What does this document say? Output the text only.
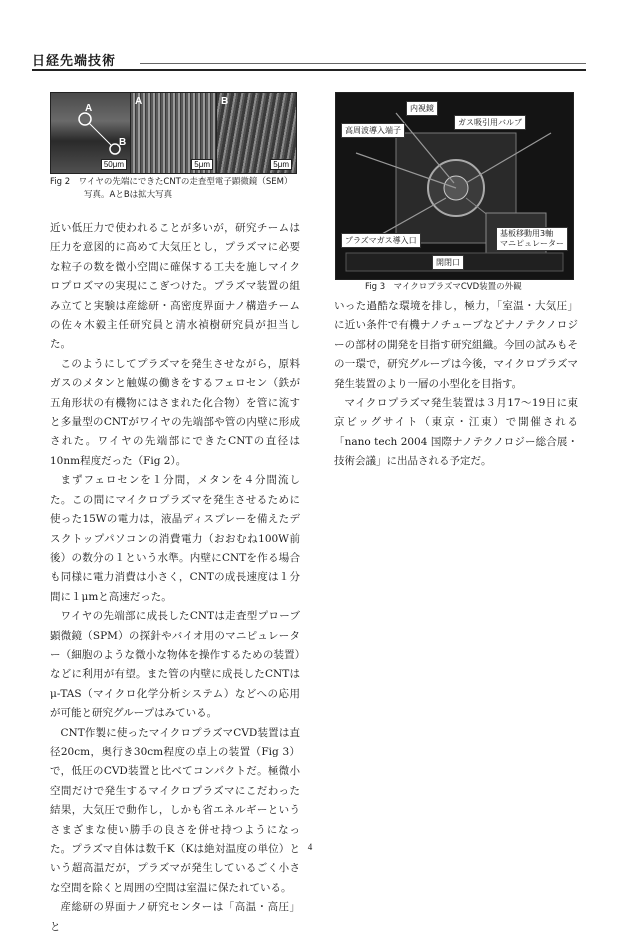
日経先端技術
A
B
50μm
A
5μm
B
5μm
Fig 2　ワイヤの先端にできたCNTの走査型電子顕微鏡（SEM）
写真。AとBは拡大写真
内視鏡
高周波導入端子
ガス吸引用バルブ
プラズマガス導入口
基板移動用3軸
マニピュレーター
開閉口
Fig 3　マイクロプラズマCVD装置の外観

近い低圧力で使われることが多いが，研究チームは圧力を意図的に高めて大気圧とし，プラズマに必要な粒子の数を微小空間に確保する工夫を施しマイクロプロズマの実現にこぎつけた。プラズマ装置の組み立てと実験は産総研・高密度界面ナノ構造チームの佐々木毅主任研究員と清水禎樹研究員が担当した。

このようにしてプラズマを発生させながら，原料ガスのメタンと触媒の働きをするフェロセン（鉄が五角形状の有機物にはさまれた化合物）を管に流すと多量型のCNTがワイヤの先端部や管の内壁に形成された。ワイヤの先端部にできたCNTの直径は10nm程度だった（Fig 2）。

まずフェロセンを１分間，メタンを４分間流した。この間にマイクロプラズマを発生させるために使った15Wの電力は，液晶ディスプレーを備えたデスクトップパソコンの消費電力（おおむね100W前後）の数分の１という水準。内壁にCNTを作る場合も同様に電力消費は小さく，CNTの成長速度は１分間に１μmと高速だった。

ワイヤの先端部に成長したCNTは走査型プローブ顕微鏡（SPM）の探針やバイオ用のマニピュレーター（細胞のような微小な物体を操作するための装置）などに利用が有望。また管の内壁に成長したCNTはμ-TAS（マイクロ化学分析システム）などへの応用が可能と研究グループはみている。

CNT作製に使ったマイクロプラズマCVD装置は直径20cm，奥行き30cm程度の卓上の装置（Fig 3）で，低圧のCVD装置と比べてコンパクトだ。極微小空間だけで発生するマイクロプラズマにこだわった結果，大気圧で動作し，しかも省エネルギーというさまざまな使い勝手の良さを併せ持つようになった。プラズマ自体は数千K（Kは絶対温度の単位）という超高温だが，プラズマが発生しているごく小さな空間を除くと周囲の空間は室温に保たれている。

産総研の界面ナノ研究センターは「高温・高圧」と

いった過酷な環境を排し，極力，「室温・大気圧」に近い条件で有機ナノチューブなどナノテクノロジーの部材の開発を目指す研究組織。今回の試みもその一環で，研究グループは今後，マイクロプラズマ発生装置のより一層の小型化を目指す。

マイクロプラズマ発生装置は３月17〜19日に東京ビッグサイト（東京・江東）で開催される「nano tech 2004 国際ナノテクノロジー総合展・技術会議」に出品される予定だ。

4
